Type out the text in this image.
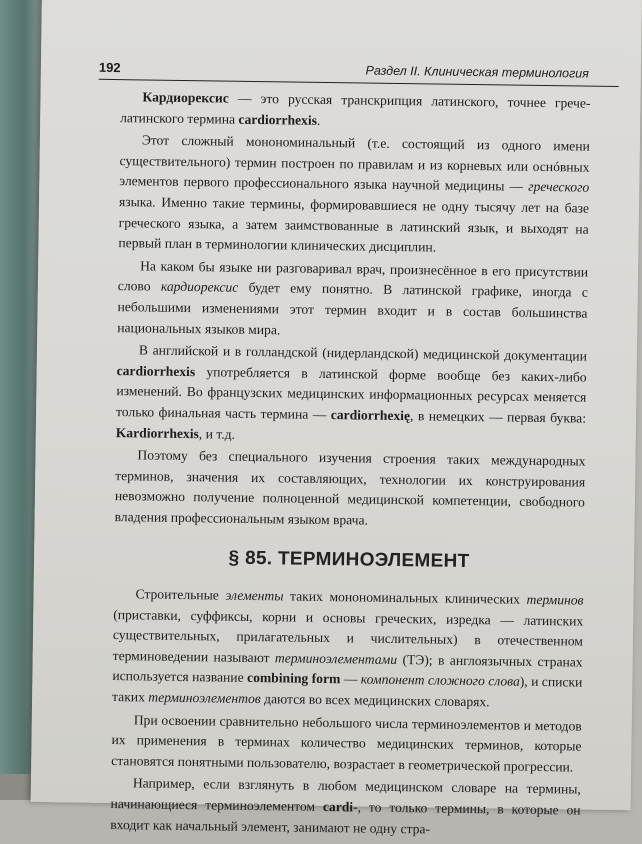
192	Раздел II. Клиническая терминология

Кардиорексис — это русская транскрипция латинского, точнее грече-латинского термина cardiorrhexis.

Этот сложный монономинальный (т.е. состоящий из одного имени существительного) термин построен по правилам и из корневых или оснóвных элементов первого профессионального языка научной медицины — греческого языка. Именно такие термины, формировавшиеся не одну тысячу лет на базе греческого языка, а затем заимствованные в латинский язык, и выходят на первый план в терминологии клинических дисциплин.

На каком бы языке ни разговаривал врач, произнесённое в его присутствии слово кардиорексис будет ему понятно. В латинской графике, иногда с небольшими изменениями этот термин входит и в состав большинства национальных языков мира.

В английской и в голландской (нидерландской) медицинской документации cardiorrhexis употребляется в латинской форме вообще без каких-либо изменений. Во французских медицинских информационных ресурсах меняется только финальная часть термина — cardiorrhexię, в немецких — первая буква: Kardiorrhexis, и т.д.

Поэтому без специального изучения строения таких международных терминов, значения их составляющих, технологии их конструирования невозможно получение полноценной медицинской компетенции, свободного владения профессиональным языком врача.

§ 85. ТЕРМИНОЭЛЕМЕНТ

Строительные элементы таких монономинальных клинических терминов (приставки, суффиксы, корни и основы греческих, изредка — латинских существительных, прилагательных и числительных) в отечественном терминоведении называют терминоэлементами (ТЭ); в англоязычных странах используется название combining form — компонент сложного слова), и списки таких терминоэлементов даются во всех медицинских словарях.

При освоении сравнительно небольшого числа терминоэлементов и методов их применения в терминах количество медицинских терминов, которые становятся понятными пользователю, возрастает в геометрической прогрессии.

Например, если взглянуть в любом медицинском словаре на термины, начинающиеся терминоэлементом cardi-, то только термины, в которые он входит как начальный элемент, занимают не одну стра-
